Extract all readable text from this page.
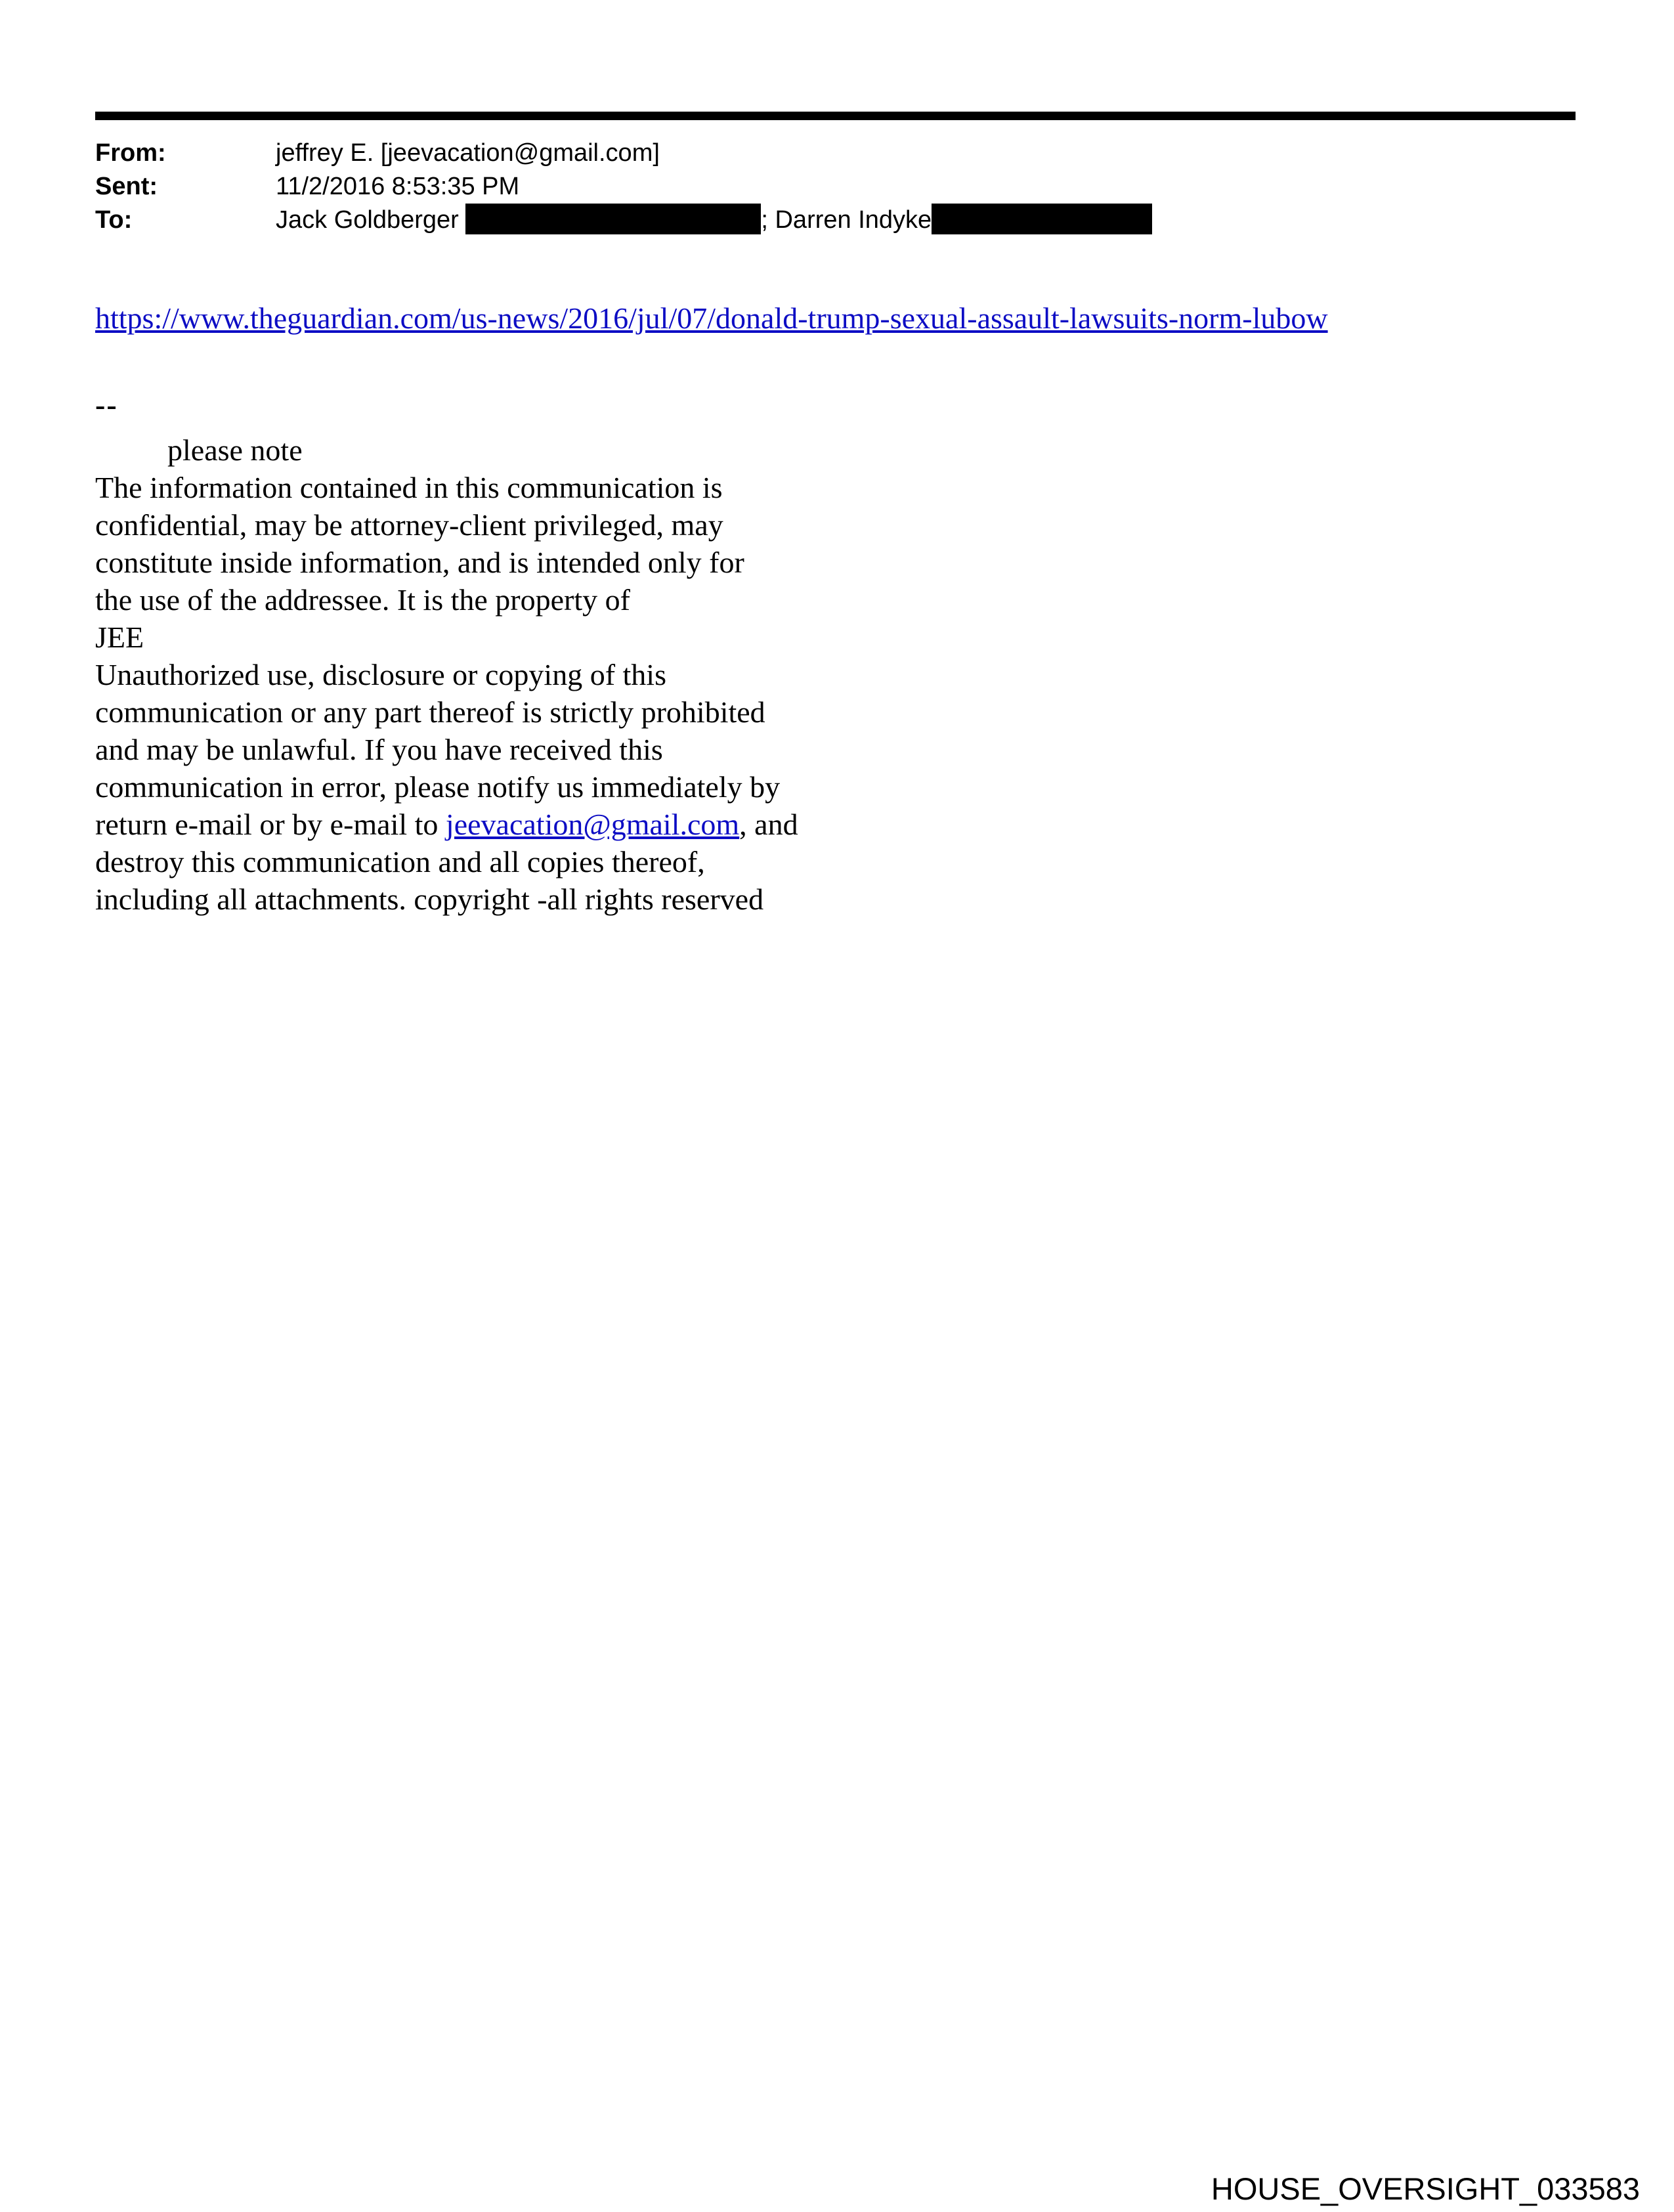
From:	jeffrey E. [jeevacation@gmail.com]
Sent:	11/2/2016 8:53:35 PM
To:	Jack Goldberger	; Darren Indyke
https://www.theguardian.com/us-news/2016/jul/07/donald-trump-sexual-assault-lawsuits-norm-lubow
--
please note
The information contained in this communication is
confidential, may be attorney-client privileged, may
constitute inside information, and is intended only for
the use of the addressee. It is the property of
JEE
Unauthorized use, disclosure or copying of this
communication or any part thereof is strictly prohibited
and may be unlawful. If you have received this
communication in error, please notify us immediately by
return e-mail or by e-mail to jeevacation@gmail.com, and
destroy this communication and all copies thereof,
including all attachments. copyright -all rights reserved
HOUSE_OVERSIGHT_033583
